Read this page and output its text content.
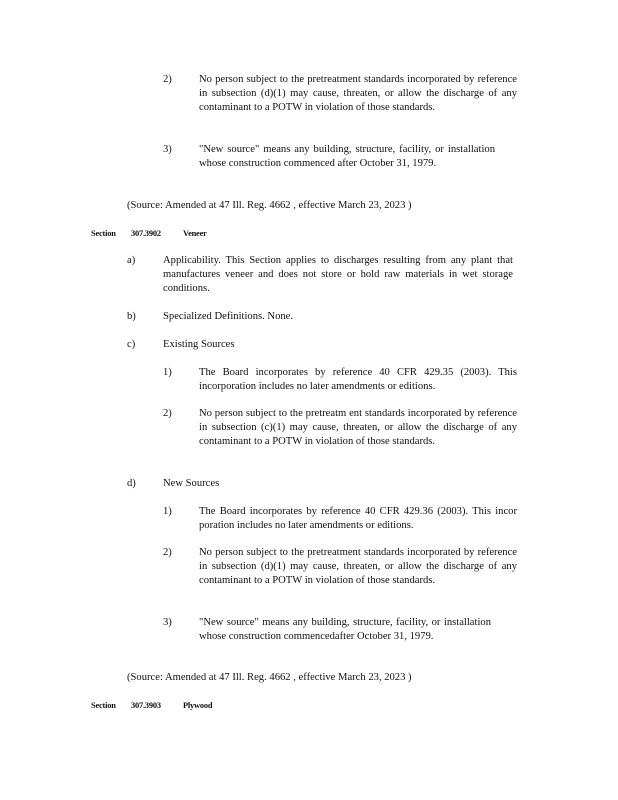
2)	No person subject to the pretreatment standards incorporated by reference in subsection (d)(1) may cause, threaten, or allow the discharge of any contaminant to a POTW in violation of those standards.

3)	"New source" means any building, structure, facility, or installation whose construction commenced after October 31, 1979.

(Source: Amended at 47 Ill. Reg. 4662 , effective March 23, 2023 )

Section 307.3902	Veneer
a)	Applicability. This Section applies to discharges resulting from any plant that manufactures veneer and does not store or hold raw materials in wet storage conditions.

b)	Specialized Definitions. None.

c)	Existing Sources

1)	The Board incorporates by reference 40 CFR 429.35 (2003). This incorporation includes no later amendments or editions.

2)	No person subject to the pretreatm ent standards incorporated by reference in subsection (c)(1) may cause, threaten, or allow the discharge of any contaminant to a POTW in violation of those standards.

d)	New Sources

1)	The Board incorporates by reference 40 CFR 429.36 (2003). This incor poration includes no later amendments or editions.

2)	No person subject to the pretreatment standards incorporated by reference in subsection (d)(1) may cause, threaten, or allow the discharge of any contaminant to a POTW in violation of those standards.

3)	"New source" means any building, structure, facility, or installation whose construction commencedafter October 31, 1979.

(Source: Amended at 47 Ill. Reg. 4662 , effective March 23, 2023 )

Section 307.3903	Plywood
